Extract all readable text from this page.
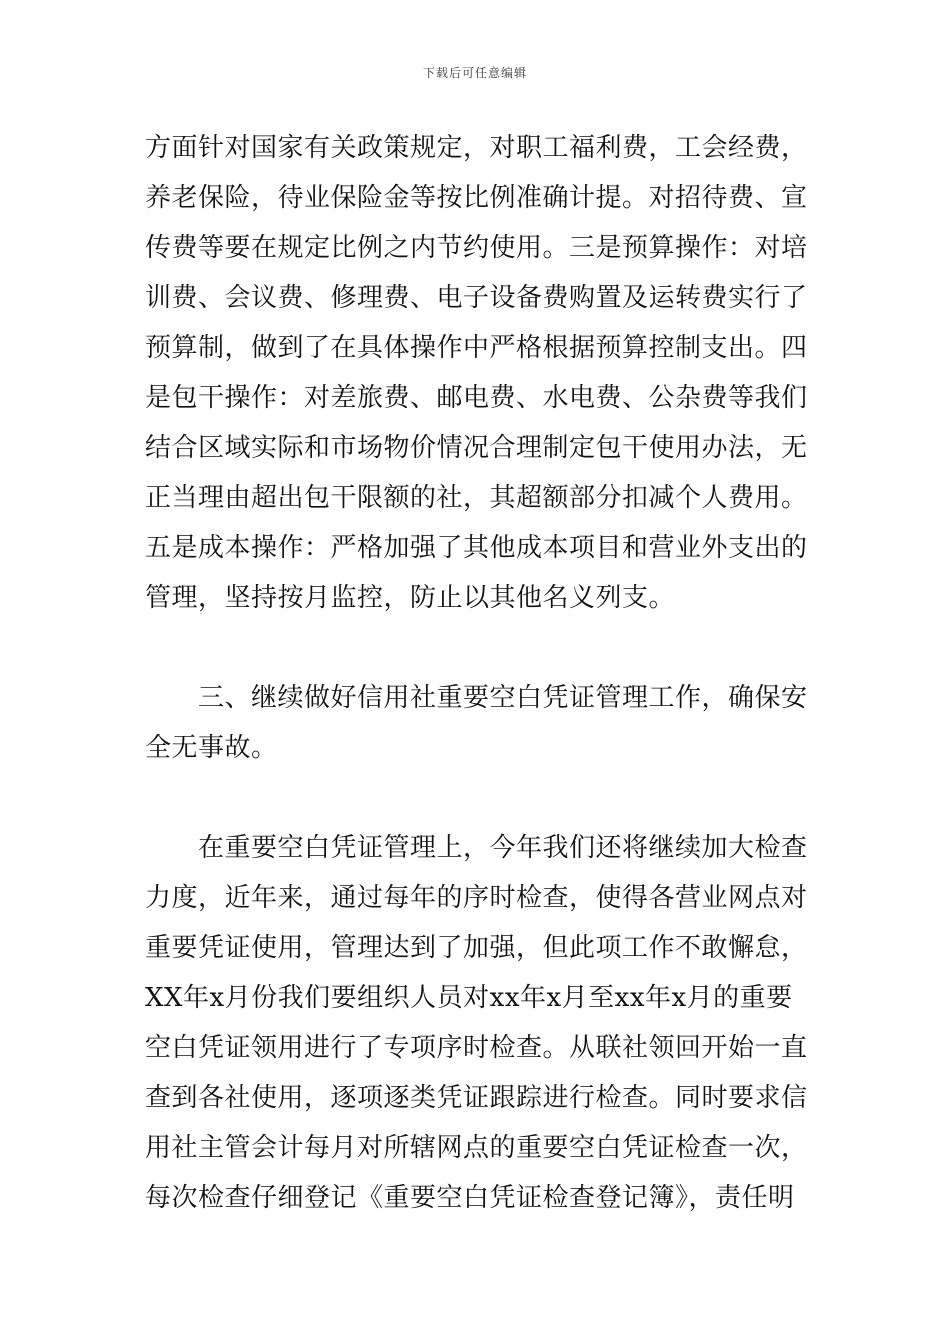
下载后可任意编辑
方面针对国家有关政策规定，对职工福利费，工会经费，
养老保险，待业保险金等按比例准确计提。对招待费、宣
传费等要在规定比例之内节约使用。三是预算操作：对培
训费、会议费、修理费、电子设备费购置及运转费实行了
预算制，做到了在具体操作中严格根据预算控制支出。四
是包干操作：对差旅费、邮电费、水电费、公杂费等我们
结合区域实际和市场物价情况合理制定包干使用办法，无
正当理由超出包干限额的社，其超额部分扣减个人费用。
五是成本操作：严格加强了其他成本项目和营业外支出的
管理，坚持按月监控，防止以其他名义列支。
　　三、继续做好信用社重要空白凭证管理工作，确保安
全无事故。
　　在重要空白凭证管理上，今年我们还将继续加大检查
力度，近年来，通过每年的序时检查，使得各营业网点对
重要凭证使用，管理达到了加强，但此项工作不敢懈怠，
XX年x月份我们要组织人员对xx年x月至xx年x月的重要
空白凭证领用进行了专项序时检查。从联社领回开始一直
查到各社使用，逐项逐类凭证跟踪进行检查。同时要求信
用社主管会计每月对所辖网点的重要空白凭证检查一次，
每次检查仔细登记《重要空白凭证检查登记簿》，责任明
